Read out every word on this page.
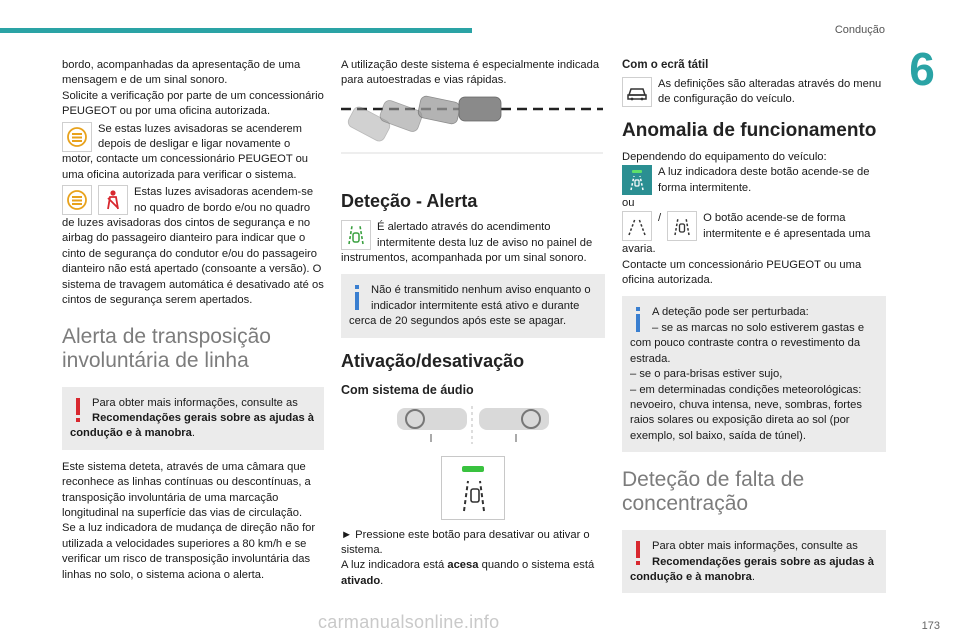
Condução
6

bordo, acompanhadas da apresentação de uma mensagem e de um sinal sonoro.

Solicite a verificação por parte de um concessionário PEUGEOT ou por uma oficina autorizada.

Se estas luzes avisadoras se acenderem depois de desligar e ligar novamente o motor, contacte um concessionário PEUGEOT ou uma oficina autorizada para verificar o sistema.

Estas luzes avisadoras acendem-se no quadro de bordo e/ou no quadro de luzes avisadoras dos cintos de segurança e no airbag do passageiro dianteiro para indicar que o cinto de segurança do condutor e/ou do passageiro dianteiro não está apertado (consoante a versão). O sistema de travagem automática é desativado até os cintos de segurança serem apertados.

Alerta de transposição involuntária de linha
Para obter mais informações, consulte as Recomendações gerais sobre as ajudas à condução e à manobra.

Este sistema deteta, através de uma câmara que reconhece as linhas contínuas ou descontínuas, a transposição involuntária de uma marcação longitudinal na superfície das vias de circulação.

Se a luz indicadora de mudança de direção não for utilizada a velocidades superiores a 80 km/h e se verificar um risco de transposição involuntária das linhas no solo, o sistema aciona o alerta.

A utilização deste sistema é especialmente indicada para autoestradas e vias rápidas.

Deteção - Alerta

É alertado através do acendimento intermitente desta luz de aviso no painel de instrumentos, acompanhada por um sinal sonoro.

Não é transmitido nenhum aviso enquanto o indicador intermitente está ativo e durante cerca de 20 segundos após este se apagar.
Ativação/desativação
Com sistema de áudio

► Pressione este botão para desativar ou ativar o sistema.

A luz indicadora está acesa quando o sistema está ativado.

Com o ecrã tátil

As definições são alteradas através do menu de configuração do veículo.

Anomalia de funcionamento

Dependendo do equipamento do veículo:

A luz indicadora deste botão acende-se de forma intermitente.

ou

/	O botão acende-se de forma intermitente e é apresentada uma avaria.

Contacte um concessionário PEUGEOT ou uma oficina autorizada.

A deteção pode ser perturbada:
– se as marcas no solo estiverem gastas e com pouco contraste contra o revestimento da estrada.
– se o para-brisas estiver sujo,
– em determinadas condições meteorológicas: nevoeiro, chuva intensa, neve, sombras, fortes raios solares ou exposição direta ao sol (por exemplo, sol baixo, saída de túnel).
Deteção de falta de concentração
Para obter mais informações, consulte as Recomendações gerais sobre as ajudas à condução e à manobra.
carmanualsonline.info	173
